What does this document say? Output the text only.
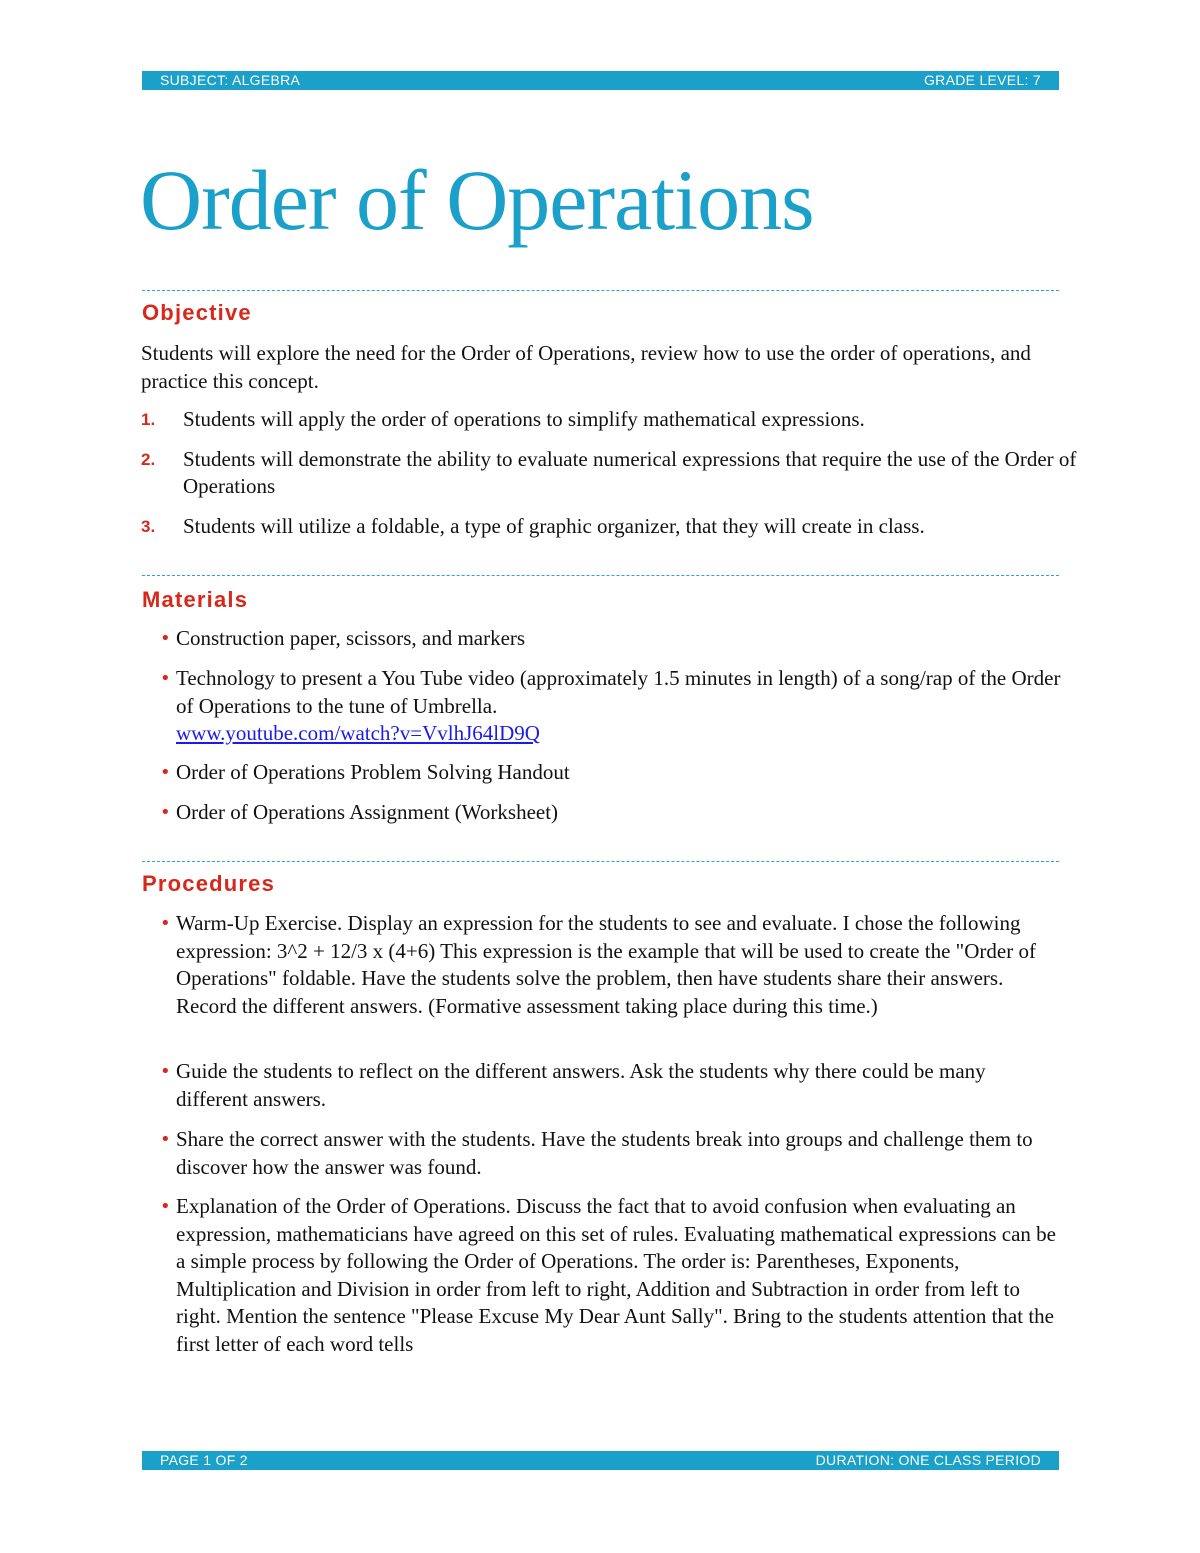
SUBJECT: ALGEBRA	GRADE LEVEL: 7
Order of Operations
Objective

Students will explore the need for the Order of Operations, review how to use the order of operations, and practice this concept.

1. Students will apply the order of operations to simplify mathematical expressions.
2. Students will demonstrate the ability to evaluate numerical expressions that require the use of the Order of Operations
3. Students will utilize a foldable, a type of graphic organizer, that they will create in class.
Materials
• Construction paper, scissors, and markers
• Technology to present a You Tube video (approximately 1.5 minutes in length) of a song/rap of the Order of Operations to the tune of Umbrella.
www.youtube.com/watch?v=VvlhJ64lD9Q
• Order of Operations Problem Solving Handout
• Order of Operations Assignment (Worksheet)
Procedures
• Warm-Up Exercise. Display an expression for the students to see and evaluate. I chose the following expression: 3^2 + 12/3 x (4+6) This expression is the example that will be used to create the "Order of Operations" foldable. Have the students solve the problem, then have students share their answers. Record the different answers. (Formative assessment taking place during this time.)
• Guide the students to reflect on the different answers. Ask the students why there could be many different answers.
• Share the correct answer with the students. Have the students break into groups and challenge them to discover how the answer was found.
• Explanation of the Order of Operations. Discuss the fact that to avoid confusion when evaluating an expression, mathematicians have agreed on this set of rules. Evaluating mathematical expressions can be a simple process by following the Order of Operations. The order is: Parentheses, Exponents, Multiplication and Division in order from left to right, Addition and Subtraction in order from left to right. Mention the sentence "Please Excuse My Dear Aunt Sally". Bring to the students attention that the first letter of each word tells
PAGE 1 OF 2	DURATION: ONE CLASS PERIOD
